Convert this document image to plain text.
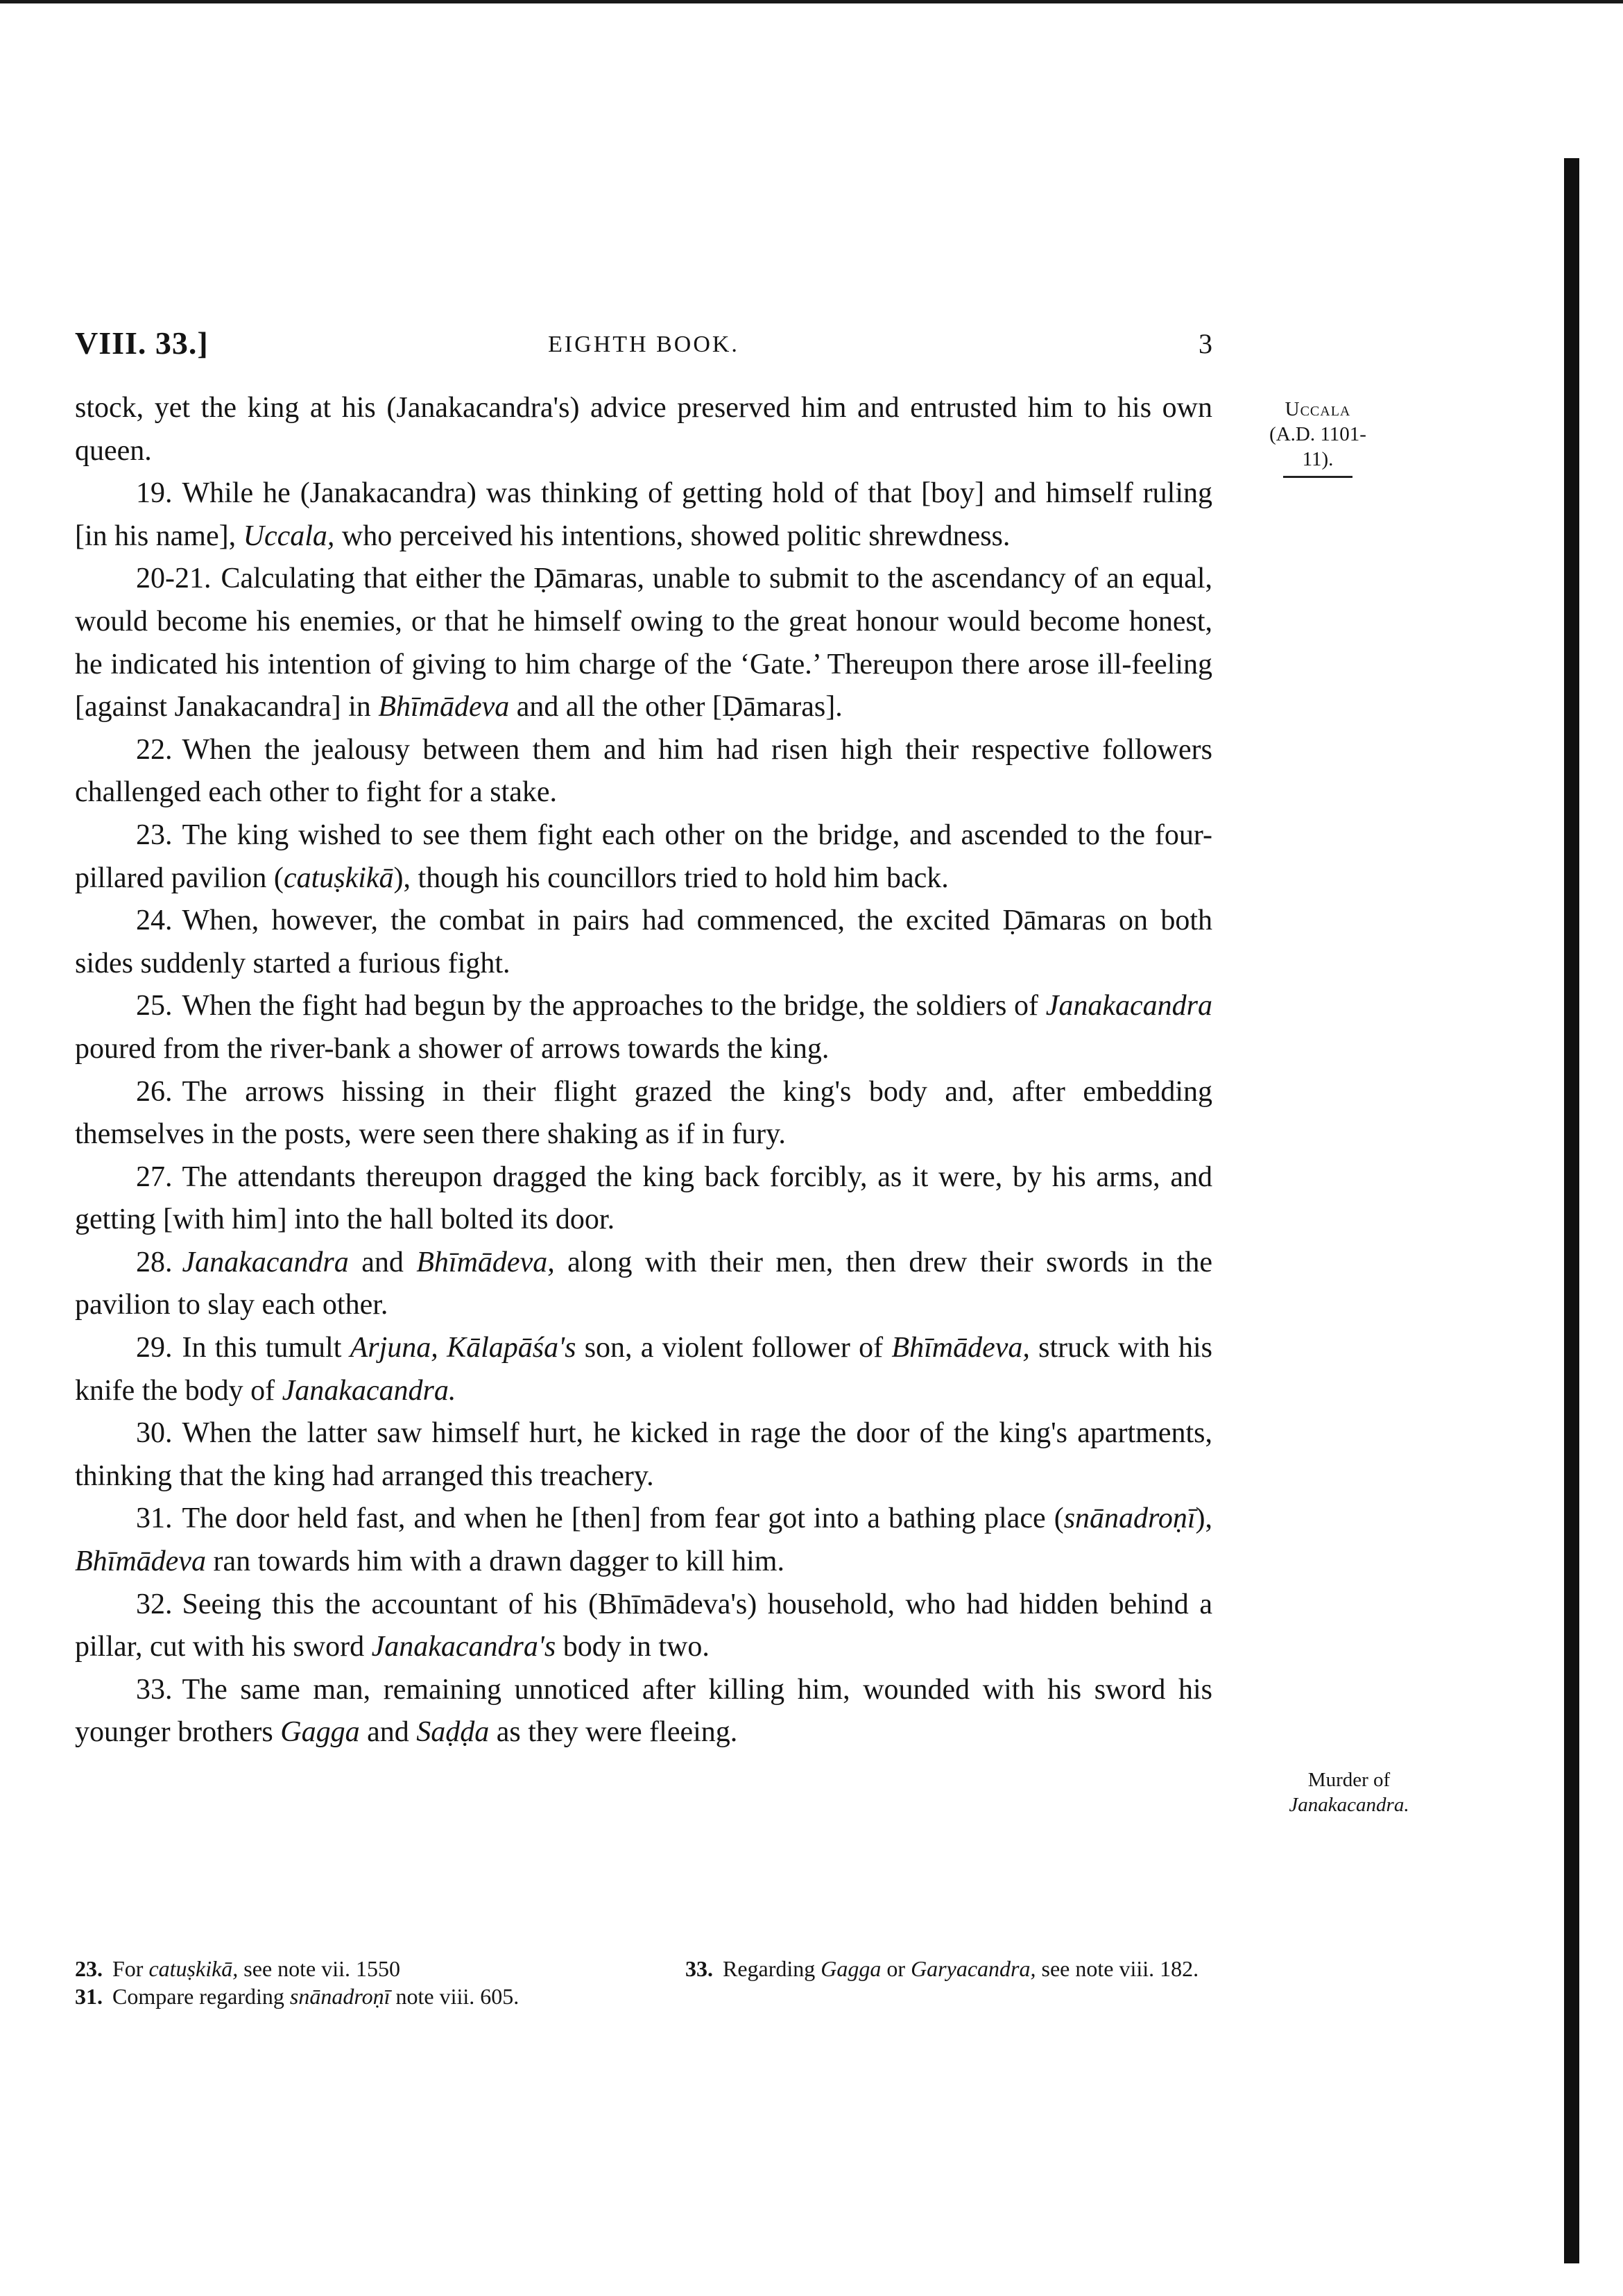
VIII. 33.]	EIGHTH BOOK.	3
Uccala
(A.D. 1101-11).
Murder of Janakacandra.

stock, yet the king at his (Janakacandra's) advice preserved him and entrusted him to his own queen.

19. While he (Janakacandra) was thinking of getting hold of that [boy] and himself ruling [in his name], Uccala, who perceived his intentions, showed politic shrewdness.

20-21. Calculating that either the Ḍāmaras, unable to submit to the ascendancy of an equal, would become his enemies, or that he himself owing to the great honour would become honest, he indicated his intention of giving to him charge of the ‘Gate.’ Thereupon there arose ill-feeling [against Janakacandra] in Bhīmādeva and all the other [Ḍāmaras].

22. When the jealousy between them and him had risen high their respective followers challenged each other to fight for a stake.

23. The king wished to see them fight each other on the bridge, and ascended to the four-pillared pavilion (catuṣkikā), though his councillors tried to hold him back.

24. When, however, the combat in pairs had commenced, the excited Ḍāmaras on both sides suddenly started a furious fight.

25. When the fight had begun by the approaches to the bridge, the soldiers of Janakacandra poured from the river-bank a shower of arrows towards the king.

26. The arrows hissing in their flight grazed the king's body and, after embedding themselves in the posts, were seen there shaking as if in fury.

27. The attendants thereupon dragged the king back forcibly, as it were, by his arms, and getting [with him] into the hall bolted its door.

28. Janakacandra and Bhīmādeva, along with their men, then drew their swords in the pavilion to slay each other.

29. In this tumult Arjuna, Kālapāśa's son, a violent follower of Bhīmādeva, struck with his knife the body of Janakacandra.

30. When the latter saw himself hurt, he kicked in rage the door of the king's apartments, thinking that the king had arranged this treachery.

31. The door held fast, and when he [then] from fear got into a bathing place (snānadroṇī), Bhīmādeva ran towards him with a drawn dagger to kill him.

32. Seeing this the accountant of his (Bhīmādeva's) household, who had hidden behind a pillar, cut with his sword Janakacandra's body in two.

33. The same man, remaining unnoticed after killing him, wounded with his sword his younger brothers Gagga and Saḍḍa as they were fleeing.

23. For catuṣkikā, see note vii. 1550
31. Compare regarding snānadroṇī note viii. 605.
33. Regarding Gagga or Garyacandra, see note viii. 182.
